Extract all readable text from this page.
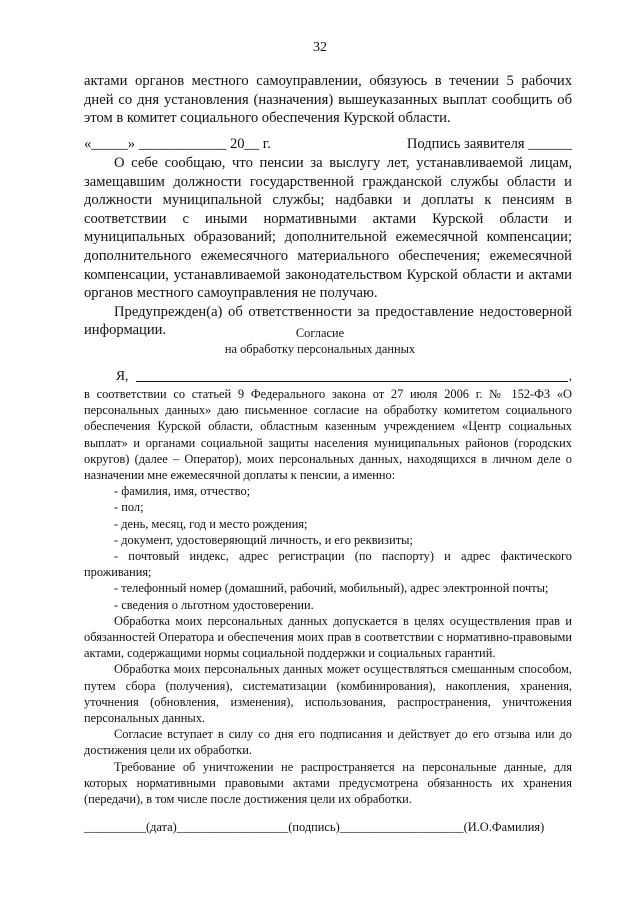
32

актами органов местного самоуправлении, обязуюсь в течении 5 рабочих дней со дня установления (назначения) вышеуказанных выплат сообщить об этом в комитет социального обеспечения Курской области.

«_____» ____________ 20__ г.	Подпись заявителя ______

О себе сообщаю, что пенсии за выслугу лет, устанавливаемой лицам, замещавшим должности государственной гражданской службы области и должности муниципальной службы; надбавки и доплаты к пенсиям в соответствии с иными нормативными актами Курской области и муниципальных образований; дополнительной ежемесячной компенсации; дополнительного ежемесячного материального обеспечения; ежемесячной компенсации, устанавливаемой законодательством Курской области и актами органов местного самоуправления не получаю.

Предупрежден(а) об ответственности за предоставление недостоверной информации.	Согласие
на обработку персональных данных
Я,	,

в соответствии со статьей 9 Федерального закона от 27 июля 2006 г. № 152-ФЗ «О персональных данных» даю письменное согласие на обработку комитетом социального обеспечения Курской области, областным казенным учреждением «Центр социальных выплат» и органами социальной защиты населения муниципальных районов (городских округов) (далее – Оператор), моих персональных данных, находящихся в личном деле о назначении мне ежемесячной доплаты к пенсии, а именно:

- фамилия, имя, отчество;

- пол;

- день, месяц, год и место рождения;

- документ, удостоверяющий личность, и его реквизиты;

- почтовый индекс, адрес регистрации (по паспорту) и адрес фактического проживания;

- телефонный номер (домашний, рабочий, мобильный), адрес электронной почты;

- сведения о льготном удостоверении.

Обработка моих персональных данных допускается в целях осуществления прав и обязанностей Оператора и обеспечения моих прав в соответствии с нормативно-правовыми актами, содержащими нормы социальной поддержки и социальных гарантий.

Обработка моих персональных данных может осуществляться смешанным способом, путем сбора (получения), систематизации (комбинирования), накопления, хранения, уточнения (обновления, изменения), использования, распространения, уничтожения персональных данных.

Согласие вступает в силу со дня его подписания и действует до его отзыва или до достижения цели их обработки.

Требование об уничтожении не распространяется на персональные данные, для которых нормативными правовыми актами предусмотрена обязанность их хранения (передачи), в том числе после достижения цели их обработки.

__________(дата)__________________(подпись)____________________(И.О.Фамилия)
